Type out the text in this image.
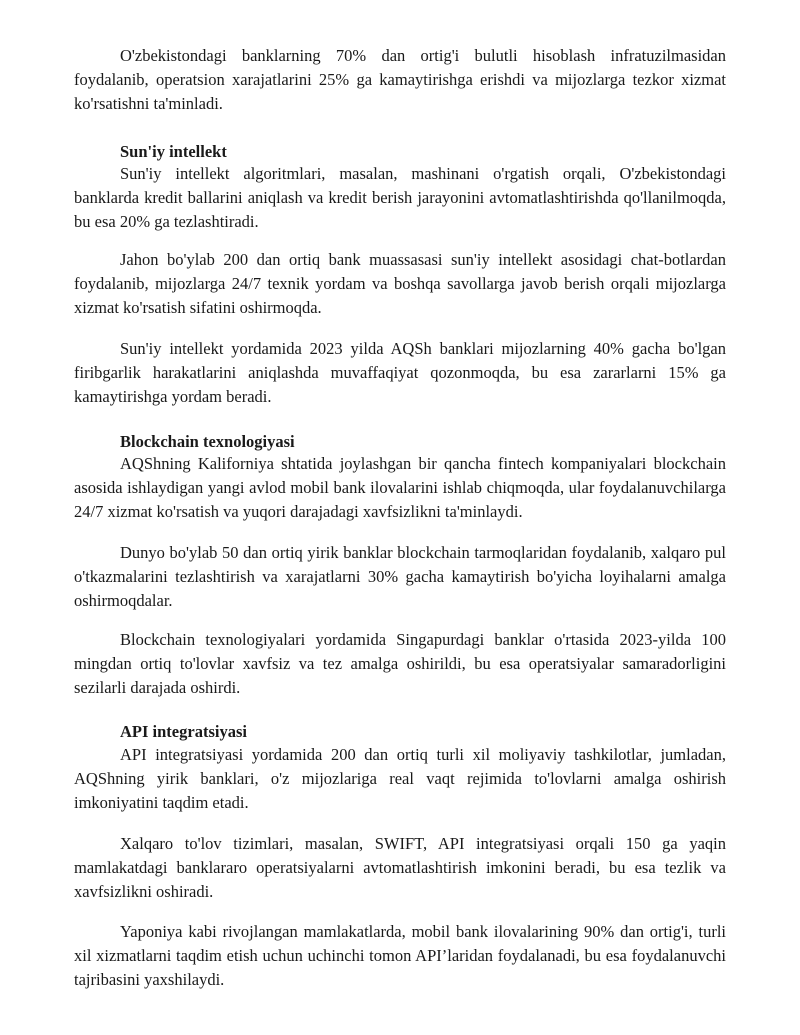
O'zbekistondagi banklarning 70% dan ortig'i bulutli hisoblash infratuzilmasidan foydalanib, operatsion xarajatlarini 25% ga kamaytirishga erishdi va mijozlarga tezkor xizmat ko'rsatishni ta'minladi.

Sun'iy intellekt

Sun'iy intellekt algoritmlari, masalan, mashinani o'rgatish orqali, O'zbekistondagi banklarda kredit ballarini aniqlash va kredit berish jarayonini avtomatlashtirishda qo'llanilmoqda, bu esa 20% ga tezlashtiradi.

Jahon bo'ylab 200 dan ortiq bank muassasasi sun'iy intellekt asosidagi chat-botlardan foydalanib, mijozlarga 24/7 texnik yordam va boshqa savollarga javob berish orqali mijozlarga xizmat ko'rsatish sifatini oshirmoqda.

Sun'iy intellekt yordamida 2023 yilda AQSh banklari mijozlarning 40% gacha bo'lgan firibgarlik harakatlarini aniqlashda muvaffaqiyat qozonmoqda, bu esa zararlarni 15% ga kamaytirishga yordam beradi.

Blockchain texnologiyasi

AQShning Kaliforniya shtatida joylashgan bir qancha fintech kompaniyalari blockchain asosida ishlaydigan yangi avlod mobil bank ilovalarini ishlab chiqmoqda, ular foydalanuvchilarga 24/7 xizmat ko'rsatish va yuqori darajadagi xavfsizlikni ta'minlaydi.

Dunyo bo'ylab 50 dan ortiq yirik banklar blockchain tarmoqlaridan foydalanib, xalqaro pul o'tkazmalarini tezlashtirish va xarajatlarni 30% gacha kamaytirish bo'yicha loyihalarni amalga oshirmoqdalar.

Blockchain texnologiyalari yordamida Singapurdagi banklar o'rtasida 2023-yilda 100 mingdan ortiq to'lovlar xavfsiz va tez amalga oshirildi, bu esa operatsiyalar samaradorligini sezilarli darajada oshirdi.

API integratsiyasi

API integratsiyasi yordamida 200 dan ortiq turli xil moliyaviy tashkilotlar, jumladan, AQShning yirik banklari, o'z mijozlariga real vaqt rejimida to'lovlarni amalga oshirish imkoniyatini taqdim etadi.

Xalqaro to'lov tizimlari, masalan, SWIFT, API integratsiyasi orqali 150 ga yaqin mamlakatdagi banklararo operatsiyalarni avtomatlashtirish imkonini beradi, bu esa tezlik va xavfsizlikni oshiradi.

Yaponiya kabi rivojlangan mamlakatlarda, mobil bank ilovalarining 90% dan ortig'i, turli xil xizmatlarni taqdim etish uchun uchinchi tomon API’laridan foydalanadi, bu esa foydalanuvchi tajribasini yaxshilaydi.
